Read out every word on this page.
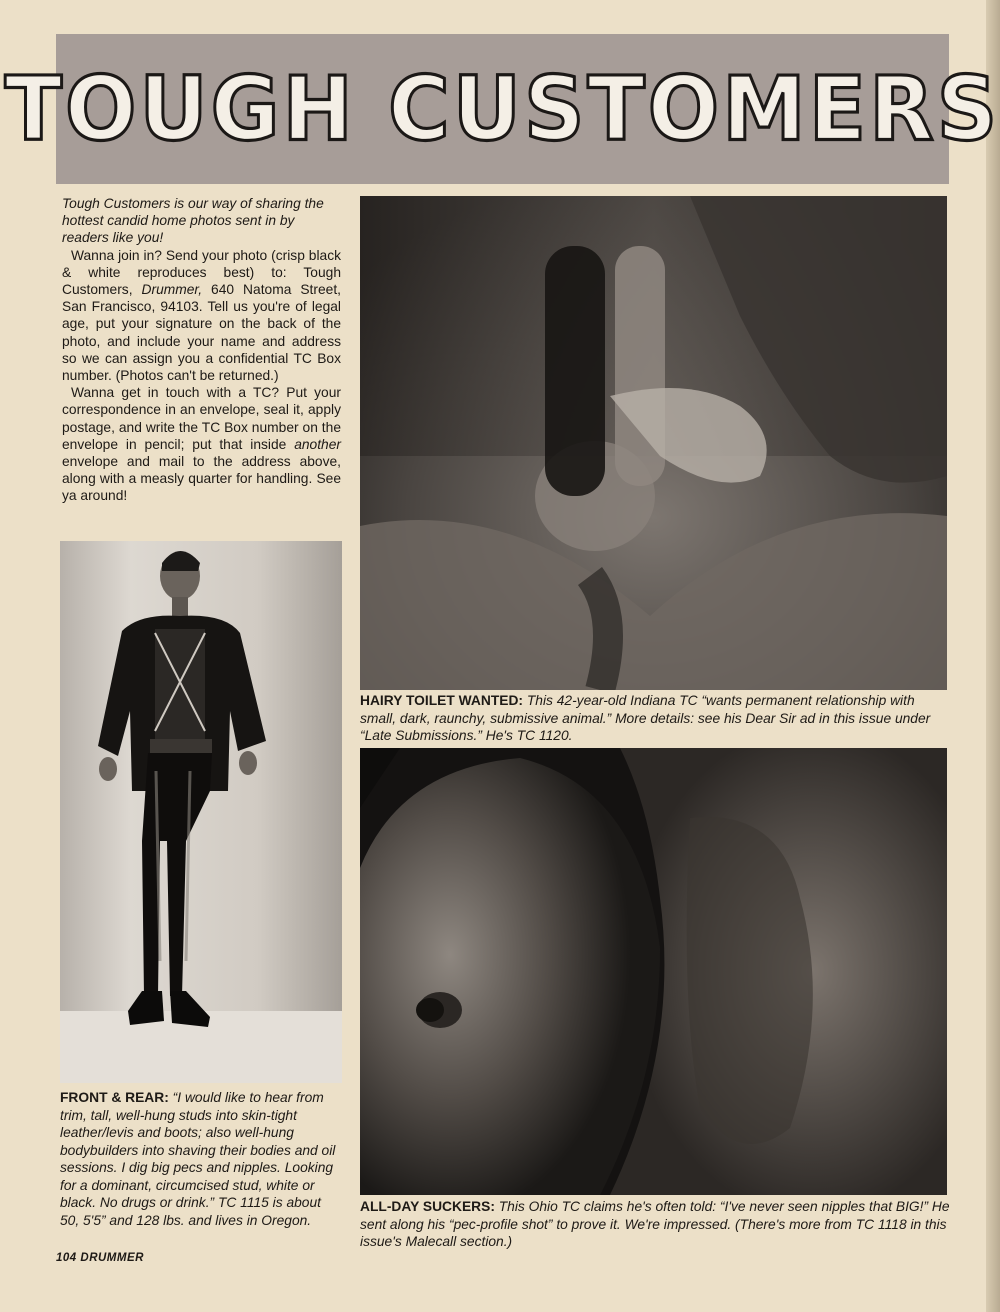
TOUGH CUSTOMERS

Tough Customers is our way of sharing the hottest candid home photos sent in by readers like you!

Wanna join in? Send your photo (crisp black & white reproduces best) to: Tough Customers, Drummer, 640 Natoma Street, San Francisco, 94103. Tell us you're of legal age, put your signature on the back of the photo, and include your name and address so we can assign you a confidential TC Box number. (Photos can't be returned.)

Wanna get in touch with a TC? Put your correspondence in an envelope, seal it, apply postage, and write the TC Box number on the envelope in pencil; put that inside another envelope and mail to the address above, along with a measly quarter for handling. See ya around!

HAIRY TOILET WANTED: This 42-year-old Indiana TC “wants permanent relationship with small, dark, raunchy, submissive animal.” More details: see his Dear Sir ad in this issue under “Late Submissions.” He's TC 1120.

FRONT & REAR: “I would like to hear from trim, tall, well-hung studs into skin-tight leather/levis and boots; also well-hung bodybuilders into shaving their bodies and oil sessions. I dig big pecs and nipples. Looking for a dominant, circumcised stud, white or black. No drugs or drink.” TC 1115 is about 50, 5'5” and 128 lbs. and lives in Oregon.

ALL-DAY SUCKERS: This Ohio TC claims he's often told: “I've never seen nipples that BIG!” He sent along his “pec-profile shot” to prove it. We're impressed. (There's more from TC 1118 in this issue's Malecall section.)

104 DRUMMER
